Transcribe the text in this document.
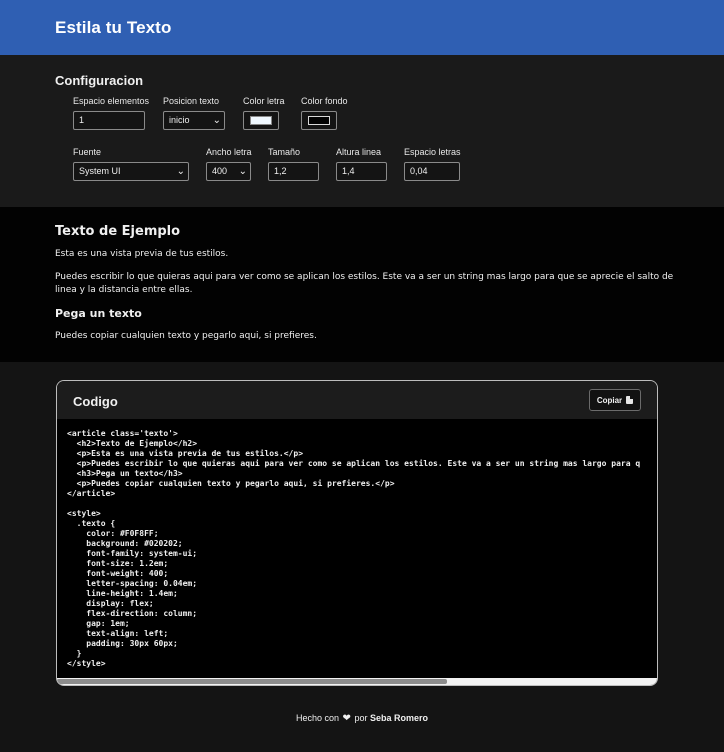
Estila tu Texto
Configuracion
Espacio elementos
1
Posicion texto
inicio ⌄
Color letra Color fondo
Fuente
System UI	⌄
Ancho letra
400 ⌄
Tamaño
1,2
Altura linea
1,4
Espacio letras
0,04
Texto de Ejemplo

Esta es una vista previa de tus estilos.

Puedes escribir lo que quieras aqui para ver como se aplican los estilos. Este va a ser un string mas largo para que se aprecie el salto de linea y la distancia entre ellas.

Pega un texto

Puedes copiar cualquien texto y pegarlo aqui, si prefieres.

Codigo	Copiar
<article class='texto'>
<h2>Texto de Ejemplo</h2>
<p>Esta es una vista previa de tus estilos.</p>
<p>Puedes escribir lo que quieras aqui para ver como se aplican los estilos. Este va a ser un string mas largo para q
<h3>Pega un texto</h3>
<p>Puedes copiar cualquien texto y pegarlo aqui, si prefieres.</p>
</article>

<style>
.texto {
color: #F0F8FF;
background: #020202;
font-family: system-ui;
font-size: 1.2em;
font-weight: 400;
letter-spacing: 0.04em;
line-height: 1.4em;
display: flex;
flex-direction: column;
gap: 1em;
text-align: left;
padding: 30px 60px;
}
</style>
Hecho con ❤ por Seba Romero
